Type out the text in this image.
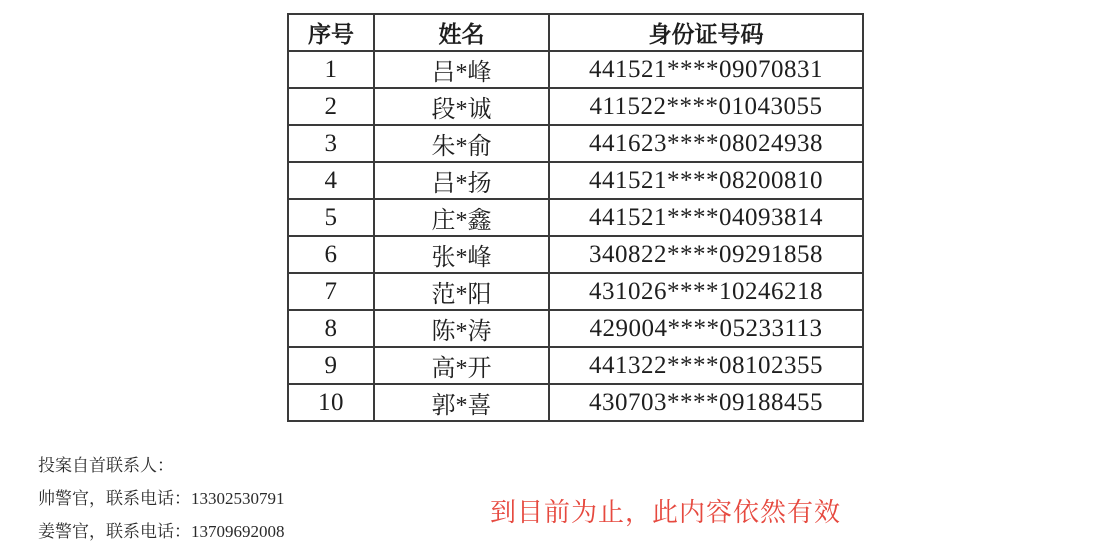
序号	姓名	身份证号码
1	吕*峰	441521****09070831
2	段*诚	411522****01043055
3	朱*俞	441623****08024938
4	吕*扬	441521****08200810
5	庄*鑫	441521****04093814
6	张*峰	340822****09291858
7	范*阳	431026****10246218
8	陈*涛	429004****05233113
9	高*开	441322****08102355
10	郭*喜	430703****09188455
投案自首联系人：
帅警官，联系电话：13302530791
姜警官，联系电话：13709692008
到目前为止，此内容依然有效
